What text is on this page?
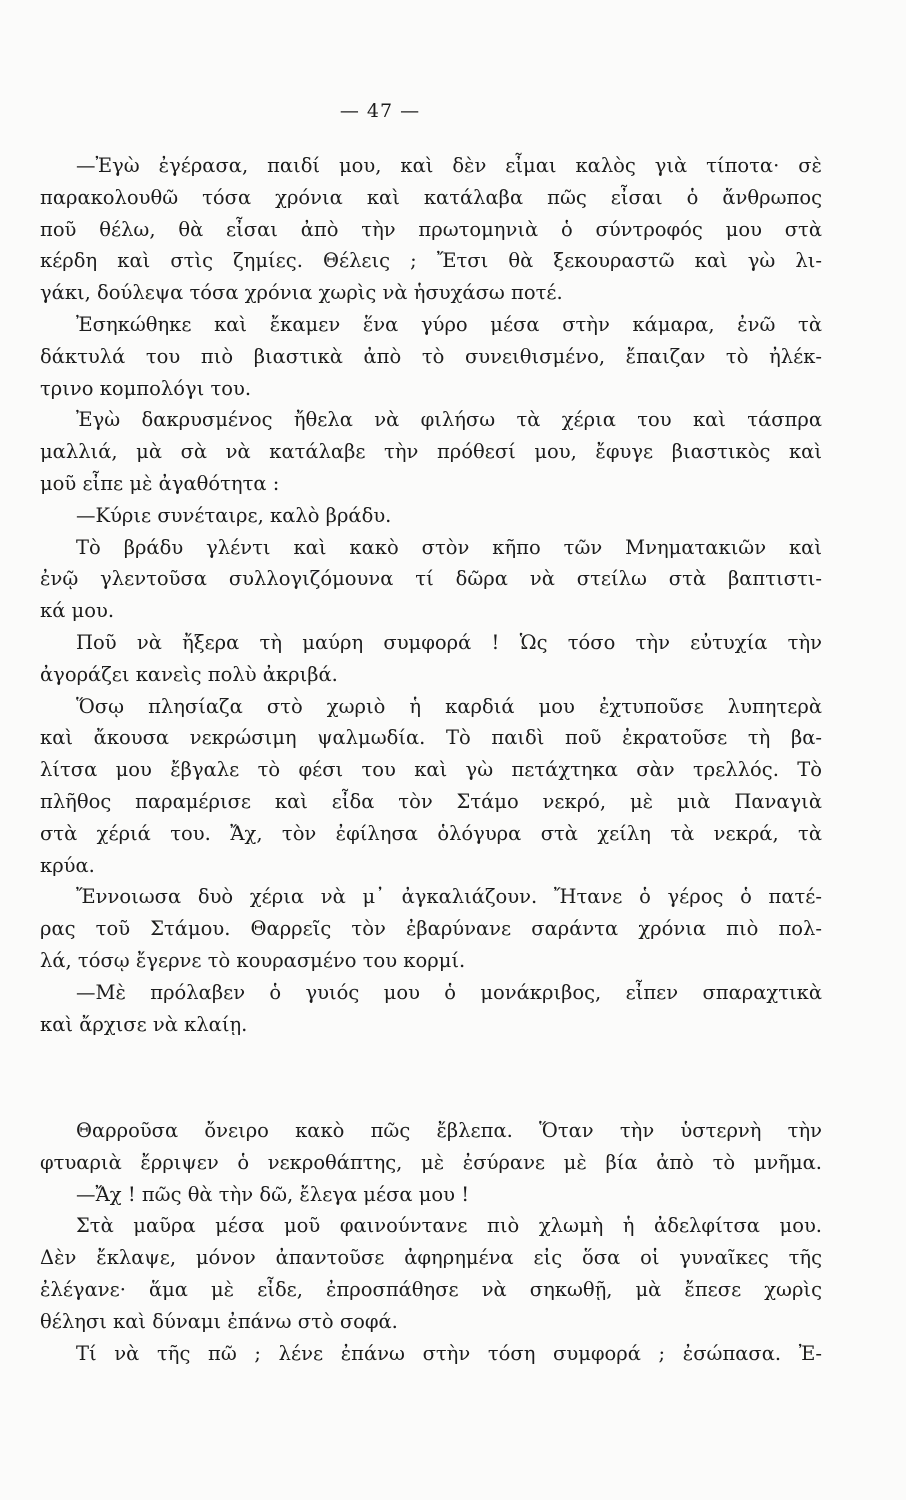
— 47 —
—Ἐγὼ ἐγέρασα, παιδί μου, καὶ δὲν εἶμαι καλὸς γιὰ τίποτα· σὲ
παρακολουθῶ τόσα χρόνια καὶ κατάλαβα πῶς εἶσαι ὁ ἄνθρωπος
ποῦ θέλω, θὰ εἶσαι ἀπὸ τὴν πρωτομηνιὰ ὁ σύντροφός μου στὰ
κέρδη καὶ στὶς ζημίες. Θέλεις ; Ἔτσι θὰ ξεκουραστῶ καὶ γὼ λι-
γάκι, δούλεψα τόσα χρόνια χωρὶς νὰ ἡσυχάσω ποτέ.
Ἐσηκώθηκε καὶ ἔκαμεν ἕνα γύρο μέσα στὴν κάμαρα, ἐνῶ τὰ
δάκτυλά του πιὸ βιαστικὰ ἀπὸ τὸ συνειθισμένο, ἔπαιζαν τὸ ἠλέκ-
τρινο κομπολόγι του.
Ἐγὼ δακρυσμένος ἤθελα νὰ φιλήσω τὰ χέρια του καὶ τάσπρα
μαλλιά, μὰ σὰ νὰ κατάλαβε τὴν πρόθεσί μου, ἔφυγε βιαστικὸς καὶ
μοῦ εἶπε μὲ ἀγαθότητα :
—Κύριε συνέταιρε, καλὸ βράδυ.
Τὸ βράδυ γλέντι καὶ κακὸ στὸν κῆπο τῶν Μνηματακιῶν καὶ
ἐνῷ γλεντοῦσα συλλογιζόμουνα τί δῶρα νὰ στείλω στὰ βαπτιστι-
κά μου.
Ποῦ νὰ ἤξερα τὴ μαύρη συμφορά ! Ὡς τόσο τὴν εὐτυχία τὴν
ἀγοράζει κανεὶς πολὺ ἀκριβά.
Ὅσῳ πλησίαζα στὸ χωριὸ ἡ καρδιά μου ἐχτυποῦσε λυπητερὰ
καὶ ἄκουσα νεκρώσιμη ψαλμωδία. Τὸ παιδὶ ποῦ ἐκρατοῦσε τὴ βα-
λίτσα μου ἔβγαλε τὸ φέσι του καὶ γὼ πετάχτηκα σὰν τρελλός. Τὸ
πλῆθος παραμέρισε καὶ εἶδα τὸν Στάμο νεκρό, μὲ μιὰ Παναγιὰ
στὰ χέριά του. Ἄχ, τὸν ἐφίλησα ὁλόγυρα στὰ χείλη τὰ νεκρά, τὰ
κρύα.
Ἔννοιωσα δυὸ χέρια νὰ μ᾽ ἀγκαλιάζουν. Ἤτανε ὁ γέρος ὁ πατέ-
ρας τοῦ Στάμου. Θαρρεῖς τὸν ἐβαρύνανε σαράντα χρόνια πιὸ πολ-
λά, τόσῳ ἔγερνε τὸ κουρασμένο του κορμί.
—Μὲ πρόλαβεν ὁ γυιός μου ὁ μονάκριβος, εἶπεν σπαραχτικὰ
καὶ ἄρχισε νὰ κλαίῃ.
Θαρροῦσα ὄνειρο κακὸ πῶς ἔβλεπα. Ὅταν τὴν ὑστερνὴ τὴν
φτυαριὰ ἔρριψεν ὁ νεκροθάπτης, μὲ ἐσύρανε μὲ βία ἀπὸ τὸ μνῆμα.
—Ἄχ ! πῶς θὰ τὴν δῶ, ἔλεγα μέσα μου !
Στὰ μαῦρα μέσα μοῦ φαινούντανε πιὸ χλωμὴ ἡ ἀδελφίτσα μου.
Δὲν ἔκλαψε, μόνον ἀπαντοῦσε ἀφηρημένα εἰς ὅσα οἱ γυναῖκες τῆς
ἐλέγανε· ἅμα μὲ εἶδε, ἐπροσπάθησε νὰ σηκωθῇ, μὰ ἔπεσε χωρὶς
θέλησι καὶ δύναμι ἐπάνω στὸ σοφά.
Τί νὰ τῆς πῶ ; λένε ἐπάνω στὴν τόση συμφορά ; ἐσώπασα. Ἐ-
